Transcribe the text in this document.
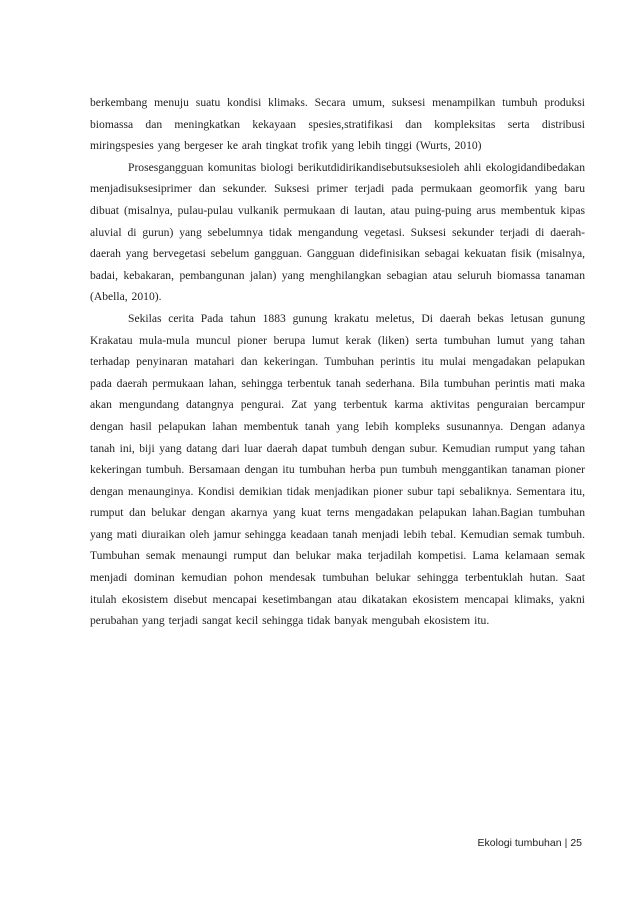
berkembang menuju suatu kondisi klimaks. Secara umum, suksesi menampilkan tumbuh produksi biomassa dan meningkatkan kekayaan spesies,stratifikasi dan kompleksitas serta distribusi miringspesies yang bergeser ke arah tingkat trofik yang lebih tinggi (Wurts, 2010)

Prosesgangguan komunitas biologi berikutdidirikandisebutsuksesioleh ahli ekologidandibedakan menjadisuksesiprimer dan sekunder. Suksesi primer terjadi pada permukaan geomorfik yang baru dibuat (misalnya, pulau-pulau vulkanik permukaan di lautan, atau puing-puing arus membentuk kipas aluvial di gurun) yang sebelumnya tidak mengandung vegetasi. Suksesi sekunder terjadi di daerah-daerah yang bervegetasi sebelum gangguan. Gangguan didefinisikan sebagai kekuatan fisik (misalnya, badai, kebakaran, pembangunan jalan) yang menghilangkan sebagian atau seluruh biomassa tanaman (Abella, 2010).

Sekilas cerita Pada tahun 1883 gunung krakatu meletus, Di daerah bekas letusan gunung Krakatau mula-mula muncul pioner berupa lumut kerak (liken) serta tumbuhan lumut yang tahan terhadap penyinaran matahari dan kekeringan. Tumbuhan perintis itu mulai mengadakan pelapukan pada daerah permukaan lahan, sehingga terbentuk tanah sederhana. Bila tumbuhan perintis mati maka akan mengundang datangnya pengurai. Zat yang terbentuk karma aktivitas penguraian bercampur dengan hasil pelapukan lahan membentuk tanah yang lebih kompleks susunannya. Dengan adanya tanah ini, biji yang datang dari luar daerah dapat tumbuh dengan subur. Kemudian rumput yang tahan kekeringan tumbuh. Bersamaan dengan itu tumbuhan herba pun tumbuh menggantikan tanaman pioner dengan menaunginya. Kondisi demikian tidak menjadikan pioner subur tapi sebaliknya. Sementara itu, rumput dan belukar dengan akarnya yang kuat terns mengadakan pelapukan lahan.Bagian tumbuhan yang mati diuraikan oleh jamur sehingga keadaan tanah menjadi lebih tebal. Kemudian semak tumbuh. Tumbuhan semak menaungi rumput dan belukar maka terjadilah kompetisi. Lama kelamaan semak menjadi dominan kemudian pohon mendesak tumbuhan belukar sehingga terbentuklah hutan. Saat itulah ekosistem disebut mencapai kesetimbangan atau dikatakan ekosistem mencapai klimaks, yakni perubahan yang terjadi sangat kecil sehingga tidak banyak mengubah ekosistem itu.

Ekologi tumbuhan | 25
